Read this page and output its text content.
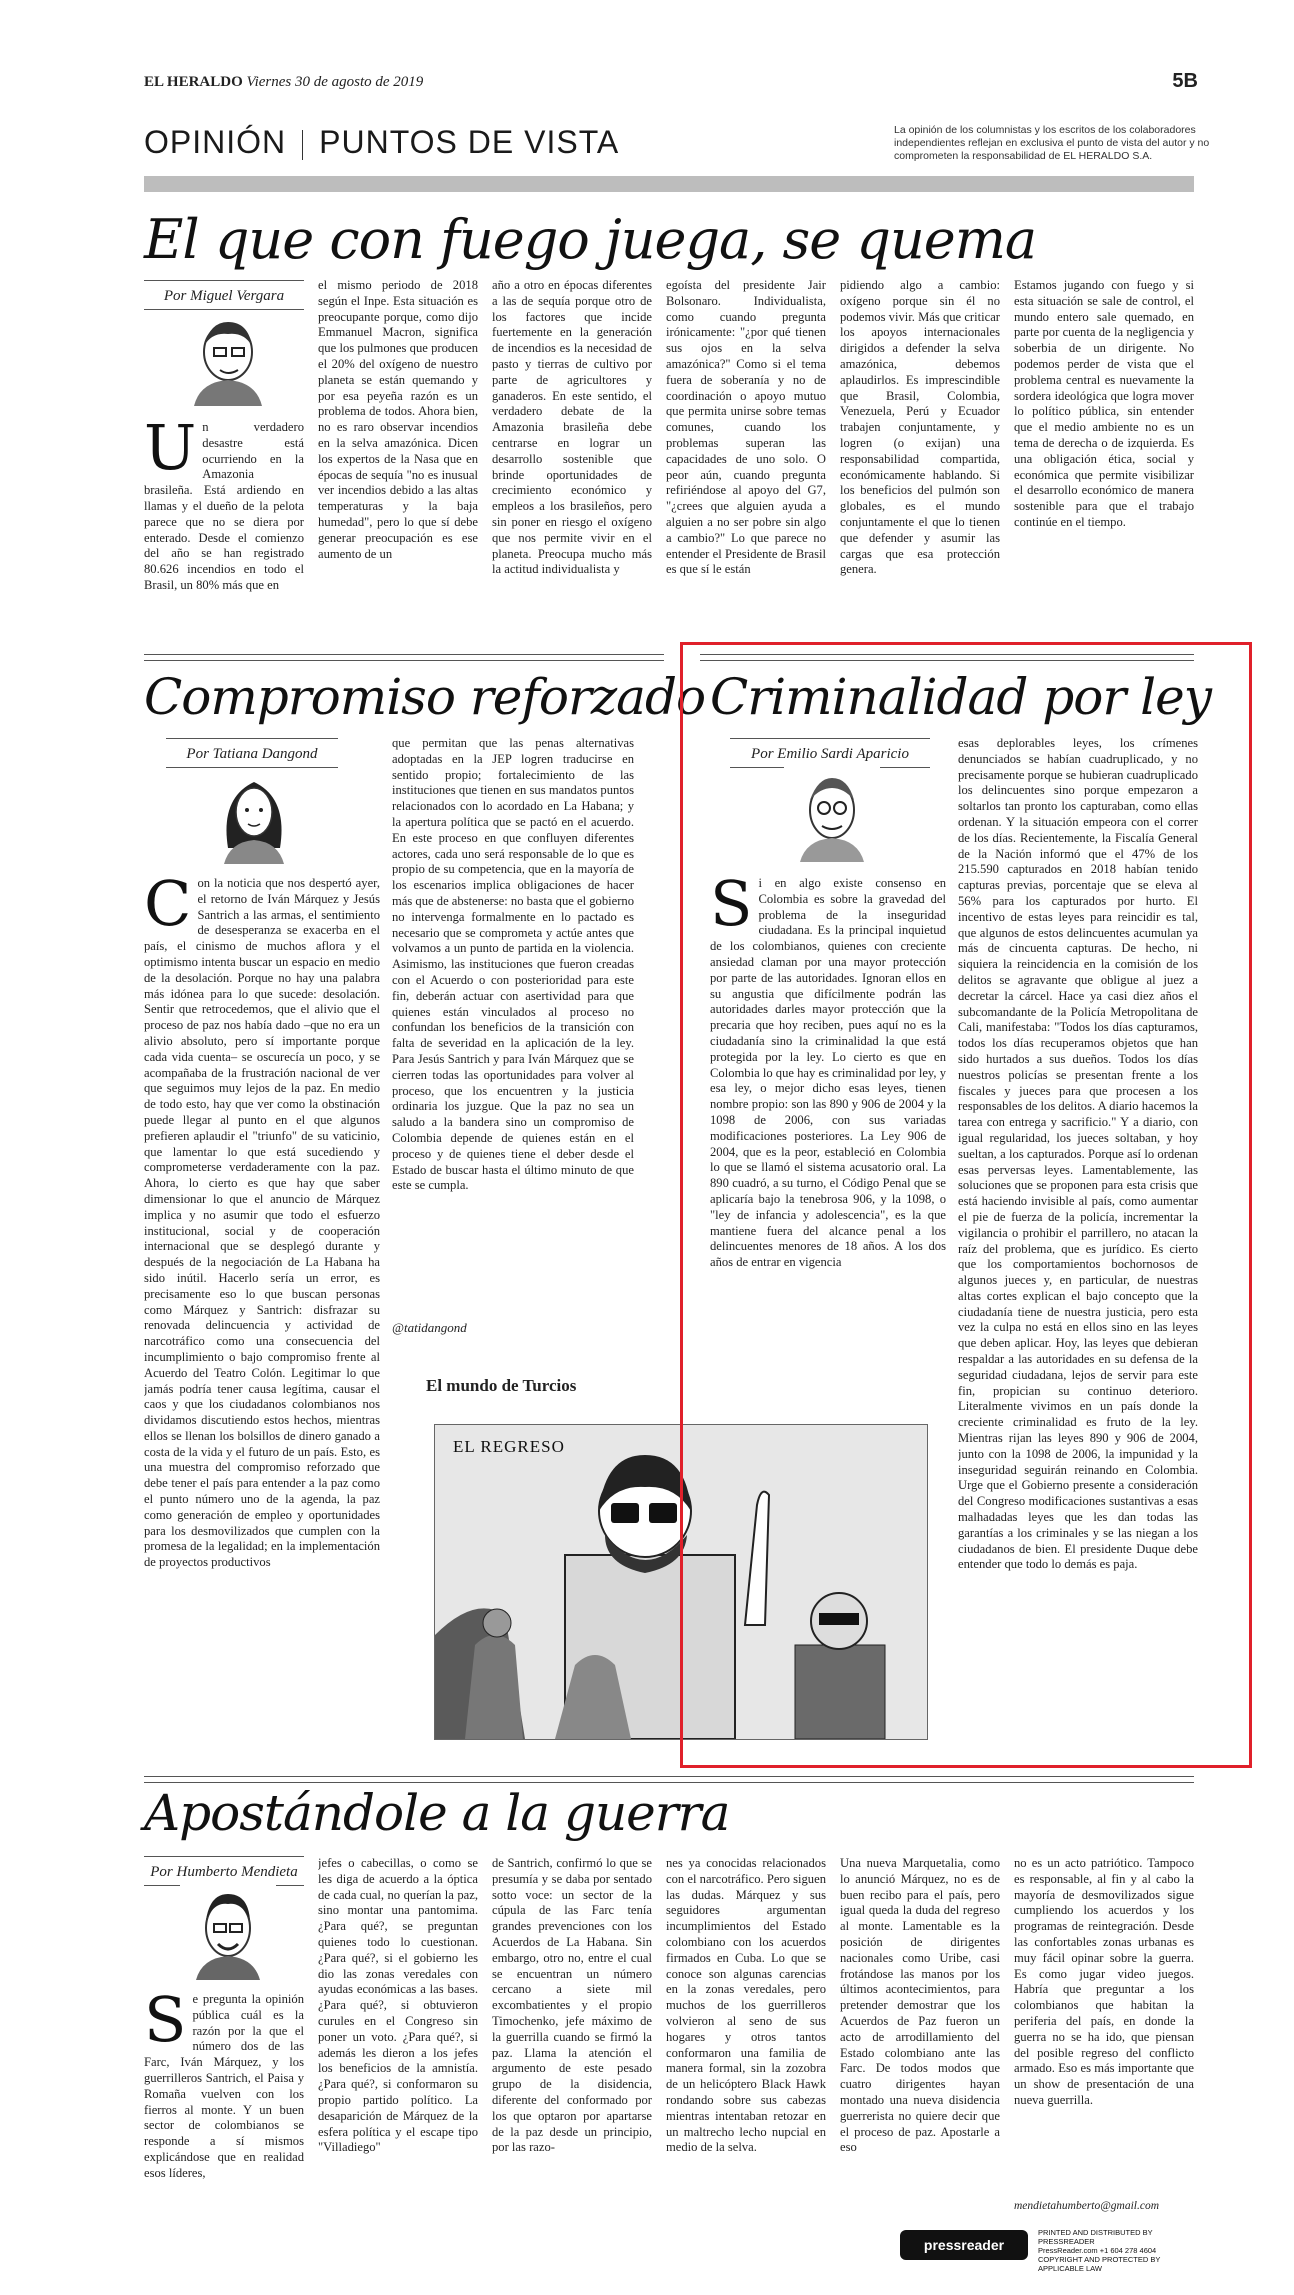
EL HERALDO Viernes 30 de agosto de 2019	5B
OPINIÓN PUNTOS DE VISTA	La opinión de los columnistas y los escritos de los colaboradores independientes reflejan en exclusiva el punto de vista del autor y no comprometen la responsabilidad de EL HERALDO S.A.
El que con fuego juega, se quema
Por Miguel Vergara
U n verdadero desastre está ocurriendo en la Amazonia brasileña. Está ardiendo en llamas y el dueño de la pelota parece que no se diera por enterado. Desde el comienzo del año se han registrado 80.626 incendios en todo el Brasil, un 80% más que en
el mismo periodo de 2018 según el Inpe. Esta situación es preocupante porque, como dijo Emmanuel Macron, significa que los pulmones que producen el 20% del oxígeno de nuestro planeta se están quemando y por esa peyeña razón es un problema de todos. Ahora bien, no es raro observar incendios en la selva amazónica. Dicen los expertos de la Nasa que en épocas de sequía "no es inusual ver incendios debido a las altas temperaturas y la baja humedad", pero lo que sí debe generar preocupación es ese aumento de un
año a otro en épocas diferentes a las de sequía porque otro de los factores que incide fuertemente en la generación de incendios es la necesidad de pasto y tierras de cultivo por parte de agricultores y ganaderos. En este sentido, el verdadero debate de la Amazonia brasileña debe centrarse en lograr un desarrollo sostenible que brinde oportunidades de crecimiento económico y empleos a los brasileños, pero sin poner en riesgo el oxígeno que nos permite vivir en el planeta. Preocupa mucho más la actitud individualista y
egoísta del presidente Jair Bolsonaro. Individualista, como cuando pregunta irónicamente: "¿por qué tienen sus ojos en la selva amazónica?" Como si el tema fuera de soberanía y no de coordinación o apoyo mutuo que permita unirse sobre temas comunes, cuando los problemas superan las capacidades de uno solo. O peor aún, cuando pregunta refiriéndose al apoyo del G7, "¿crees que alguien ayuda a alguien a no ser pobre sin algo a cambio?" Lo que parece no entender el Presidente de Brasil es que sí le están
pidiendo algo a cambio: oxígeno porque sin él no podemos vivir. Más que criticar los apoyos internacionales dirigidos a defender la selva amazónica, debemos aplaudirlos. Es imprescindible que Brasil, Colombia, Venezuela, Perú y Ecuador trabajen conjuntamente, y logren (o exijan) una responsabilidad compartida, económicamente hablando. Si los beneficios del pulmón son globales, es el mundo conjuntamente el que lo tienen que defender y asumir las cargas que esa protección genera.
Estamos jugando con fuego y si esta situación se sale de control, el mundo entero sale quemado, en parte por cuenta de la negligencia y soberbia de un dirigente. No podemos perder de vista que el problema central es nuevamente la sordera ideológica que logra mover lo político pública, sin entender que el medio ambiente no es un tema de derecha o de izquierda. Es una obligación ética, social y económica que permite visibilizar el desarrollo económico de manera sostenible para que el trabajo continúe en el tiempo.
Compromiso reforzado
Por Tatiana Dangond
C on la noticia que nos despertó ayer, el retorno de Iván Márquez y Jesús Santrich a las armas, el sentimiento de desesperanza se exacerba en el país, el cinismo de muchos aflora y el optimismo intenta buscar un espacio en medio de la desolación. Porque no hay una palabra más idónea para lo que sucede: desolación. Sentir que retrocedemos, que el alivio que el proceso de paz nos había dado –que no era un alivio absoluto, pero sí importante porque cada vida cuenta– se oscurecía un poco, y se acompañaba de la frustración nacional de ver que seguimos muy lejos de la paz. En medio de todo esto, hay que ver como la obstinación puede llegar al punto en el que algunos prefieren aplaudir el "triunfo" de su vaticinio, que lamentar lo que está sucediendo y comprometerse verdaderamente con la paz. Ahora, lo cierto es que hay que saber dimensionar lo que el anuncio de Márquez implica y no asumir que todo el esfuerzo institucional, social y de cooperación internacional que se desplegó durante y después de la negociación de La Habana ha sido inútil. Hacerlo sería un error, es precisamente eso lo que buscan personas como Márquez y Santrich: disfrazar su renovada delincuencia y actividad de narcotráfico como una consecuencia del incumplimiento o bajo compromiso frente al Acuerdo del Teatro Colón. Legitimar lo que jamás podría tener causa legítima, causar el caos y que los ciudadanos colombianos nos dividamos discutiendo estos hechos, mientras ellos se llenan los bolsillos de dinero ganado a costa de la vida y el futuro de un país. Esto, es una muestra del compromiso reforzado que debe tener el país para entender a la paz como el punto número uno de la agenda, la paz como generación de empleo y oportunidades para los desmovilizados que cumplen con la promesa de la legalidad; en la implementación de proyectos productivos
que permitan que las penas alternativas adoptadas en la JEP logren traducirse en sentido propio; fortalecimiento de las instituciones que tienen en sus mandatos puntos relacionados con lo acordado en La Habana; y la apertura política que se pactó en el acuerdo. En este proceso en que confluyen diferentes actores, cada uno será responsable de lo que es propio de su competencia, que en la mayoría de los escenarios implica obligaciones de hacer más que de abstenerse: no basta que el gobierno no intervenga formalmente en lo pactado es necesario que se comprometa y actúe antes que volvamos a un punto de partida en la violencia. Asimismo, las instituciones que fueron creadas con el Acuerdo o con posterioridad para este fin, deberán actuar con asertividad para que quienes están vinculados al proceso no confundan los beneficios de la transición con falta de severidad en la aplicación de la ley. Para Jesús Santrich y para Iván Márquez que se cierren todas las oportunidades para volver al proceso, que los encuentren y la justicia ordinaria los juzgue. Que la paz no sea un saludo a la bandera sino un compromiso de Colombia depende de quienes están en el proceso y de quienes tiene el deber desde el Estado de buscar hasta el último minuto de que este se cumpla.
@tatidangond
El mundo de Turcios
EL REGRESO
Criminalidad por ley
Por Emilio Sardi Aparicio
S i en algo existe consenso en Colombia es sobre la gravedad del problema de la inseguridad ciudadana. Es la principal inquietud de los colombianos, quienes con creciente ansiedad claman por una mayor protección por parte de las autoridades. Ignoran ellos en su angustia que difícilmente podrán las autoridades darles mayor protección que la precaria que hoy reciben, pues aquí no es la ciudadanía sino la criminalidad la que está protegida por la ley. Lo cierto es que en Colombia lo que hay es criminalidad por ley, y esa ley, o mejor dicho esas leyes, tienen nombre propio: son las 890 y 906 de 2004 y la 1098 de 2006, con sus variadas modificaciones posteriores. La Ley 906 de 2004, que es la peor, estableció en Colombia lo que se llamó el sistema acusatorio oral. La 890 cuadró, a su turno, el Código Penal que se aplicaría bajo la tenebrosa 906, y la 1098, o "ley de infancia y adolescencia", es la que mantiene fuera del alcance penal a los delincuentes menores de 18 años. A los dos años de entrar en vigencia
esas deplorables leyes, los crímenes denunciados se habían cuadruplicado, y no precisamente porque se hubieran cuadruplicado los delincuentes sino porque empezaron a soltarlos tan pronto los capturaban, como ellas ordenan. Y la situación empeora con el correr de los días. Recientemente, la Fiscalía General de la Nación informó que el 47% de los 215.590 capturados en 2018 habían tenido capturas previas, porcentaje que se eleva al 56% para los capturados por hurto. El incentivo de estas leyes para reincidir es tal, que algunos de estos delincuentes acumulan ya más de cincuenta capturas. De hecho, ni siquiera la reincidencia en la comisión de los delitos se agravante que obligue al juez a decretar la cárcel. Hace ya casi diez años el subcomandante de la Policía Metropolitana de Cali, manifestaba: "Todos los días capturamos, todos los días recuperamos objetos que han sido hurtados a sus dueños. Todos los días nuestros policías se presentan frente a los fiscales y jueces para que procesen a los responsables de los delitos. A diario hacemos la tarea con entrega y sacrificio." Y a diario, con igual regularidad, los jueces soltaban, y hoy sueltan, a los capturados. Porque así lo ordenan esas perversas leyes. Lamentablemente, las soluciones que se proponen para esta crisis que está haciendo invisible al país, como aumentar el pie de fuerza de la policía, incrementar la vigilancia o prohibir el parrillero, no atacan la raíz del problema, que es jurídico. Es cierto que los comportamientos bochornosos de algunos jueces y, en particular, de nuestras altas cortes explican el bajo concepto que la ciudadanía tiene de nuestra justicia, pero esta vez la culpa no está en ellos sino en las leyes que deben aplicar. Hoy, las leyes que debieran respaldar a las autoridades en su defensa de la seguridad ciudadana, lejos de servir para este fin, propician su continuo deterioro. Literalmente vivimos en un país donde la creciente criminalidad es fruto de la ley. Mientras rijan las leyes 890 y 906 de 2004, junto con la 1098 de 2006, la impunidad y la inseguridad seguirán reinando en Colombia. Urge que el Gobierno presente a consideración del Congreso modificaciones sustantivas a esas malhadadas leyes que les dan todas las garantías a los criminales y se las niegan a los ciudadanos de bien. El presidente Duque debe entender que todo lo demás es paja.
Apostándole a la guerra
Por Humberto Mendieta
S e pregunta la opinión pública cuál es la razón por la que el número dos de las Farc, Iván Márquez, y los guerrilleros Santrich, el Paisa y Romaña vuelven con los fierros al monte. Y un buen sector de colombianos se responde a sí mismos explicándose que en realidad esos líderes,
jefes o cabecillas, o como se les diga de acuerdo a la óptica de cada cual, no querían la paz, sino montar una pantomima. ¿Para qué?, se preguntan quienes todo lo cuestionan. ¿Para qué?, si el gobierno les dio las zonas veredales con ayudas económicas a las bases. ¿Para qué?, si obtuvieron curules en el Congreso sin poner un voto. ¿Para qué?, si además les dieron a los jefes los beneficios de la amnistía. ¿Para qué?, si conformaron su propio partido político. La desaparición de Márquez de la esfera política y el escape tipo "Villadiego"
de Santrich, confirmó lo que se presumía y se daba por sentado sotto voce: un sector de la cúpula de las Farc tenía grandes prevenciones con los Acuerdos de La Habana. Sin embargo, otro no, entre el cual se encuentran un número cercano a siete mil excombatientes y el propio Timochenko, jefe máximo de la guerrilla cuando se firmó la paz. Llama la atención el argumento de este pesado grupo de la disidencia, diferente del conformado por los que optaron por apartarse de la paz desde un principio, por las razo-
nes ya conocidas relacionados con el narcotráfico. Pero siguen las dudas. Márquez y sus seguidores argumentan incumplimientos del Estado colombiano con los acuerdos firmados en Cuba. Lo que se conoce son algunas carencias en la zonas veredales, pero muchos de los guerrilleros volvieron al seno de sus hogares y otros tantos conformaron una familia de manera formal, sin la zozobra de un helicóptero Black Hawk rondando sobre sus cabezas mientras intentaban retozar en un maltrecho lecho nupcial en medio de la selva.
Una nueva Marquetalia, como lo anunció Márquez, no es de buen recibo para el país, pero igual queda la duda del regreso al monte. Lamentable es la posición de dirigentes nacionales como Uribe, casi frotándose las manos por los últimos acontecimientos, para pretender demostrar que los Acuerdos de Paz fueron un acto de arrodillamiento del Estado colombiano ante las Farc. De todos modos que cuatro dirigentes hayan montado una nueva disidencia guerrerista no quiere decir que el proceso de paz. Apostarle a eso
no es un acto patriótico. Tampoco es responsable, al fin y al cabo la mayoría de desmovilizados sigue cumpliendo los acuerdos y los programas de reintegración. Desde las confortables zonas urbanas es muy fácil opinar sobre la guerra. Es como jugar video juegos. Habría que preguntar a los colombianos que habitan la periferia del país, en donde la guerra no se ha ido, que piensan del posible regreso del conflicto armado. Eso es más importante que un show de presentación de una nueva guerrilla.
mendietahumberto@gmail.com
pressreader
PRINTED AND DISTRIBUTED BY PRESSREADER
PressReader.com +1 604 278 4604
COPYRIGHT AND PROTECTED BY APPLICABLE LAW
